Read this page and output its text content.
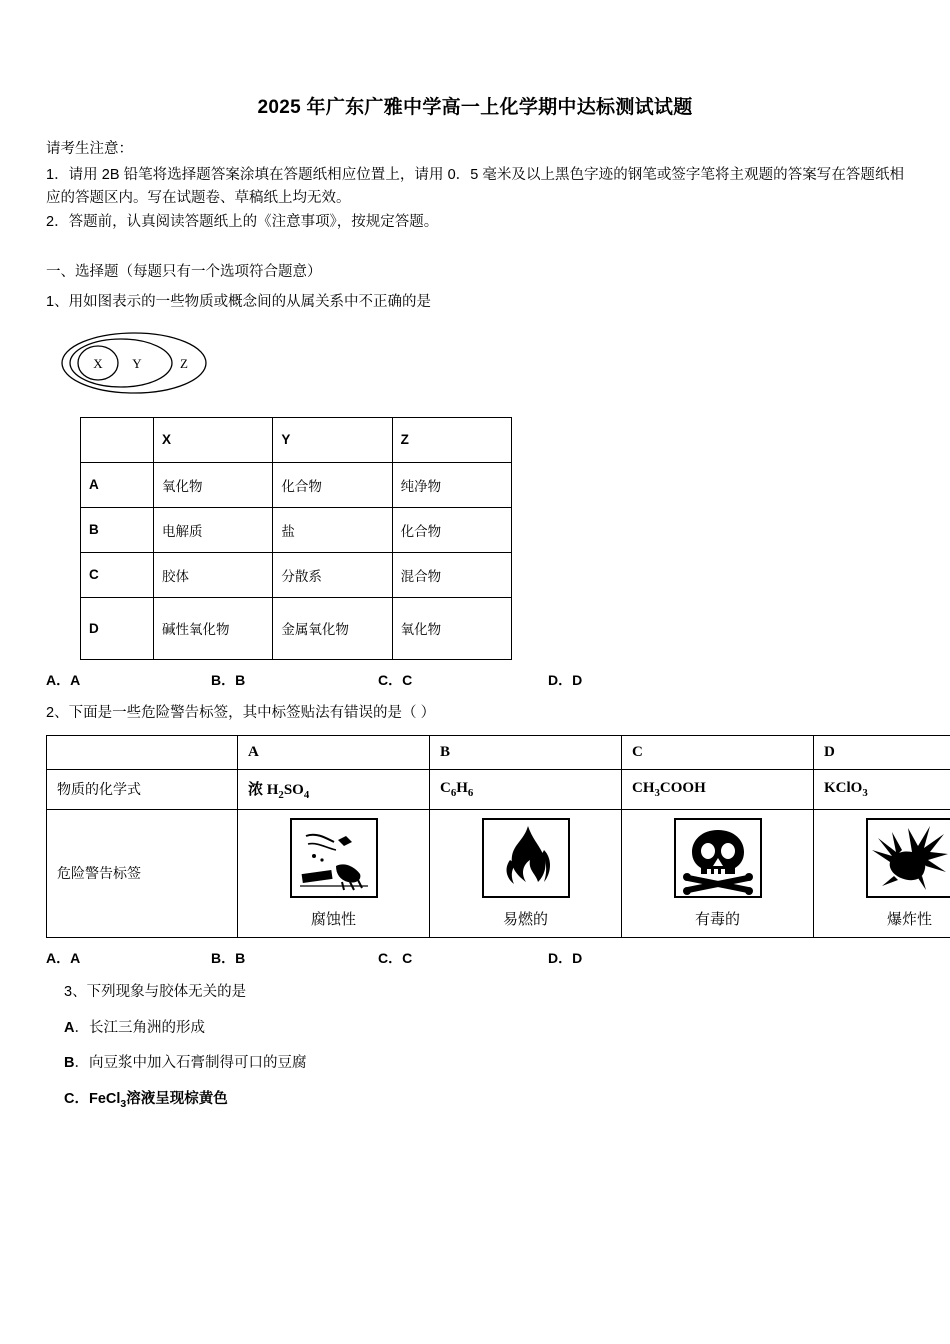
2025 年广东广雅中学高一上化学期中达标测试试题

请考生注意：

1．请用 2B 铅笔将选择题答案涂填在答题纸相应位置上，请用 0．5 毫米及以上黑色字迹的钢笔或签字笔将主观题的答案写在答题纸相应的答题区内。写在试题卷、草稿纸上均无效。

2．答题前，认真阅读答题纸上的《注意事项》，按规定答题。

一、选择题（每题只有一个选项符合题意）

1、用如图表示的一些物质或概念间的从属关系中不正确的是

X Y	Z
	X	Y	Z
A	氧化物	化合物	纯净物
B	电解质	盐	化合物
C	胶体	分散系	混合物
D	碱性氧化物	金属氧化物	氧化物
A．A	B．B	C．C	D．D

2、下面是一些危险警告标签，其中标签贴法有错误的是（ ）

	A	B	C	D
物质的化学式	浓 $H_2SO_4$	$C_6H_6$	$CH_3COOH$	KClO$_3$
危险警告标签	腐蚀性	易燃的	有毒的	爆炸性
A．A	B．B	C．C	D．D

3、下列现象与胶体无关的是

A．长江三角洲的形成

B．向豆浆中加入石膏制得可口的豆腐

C．FeCl$_3$溶液呈现棕黄色
